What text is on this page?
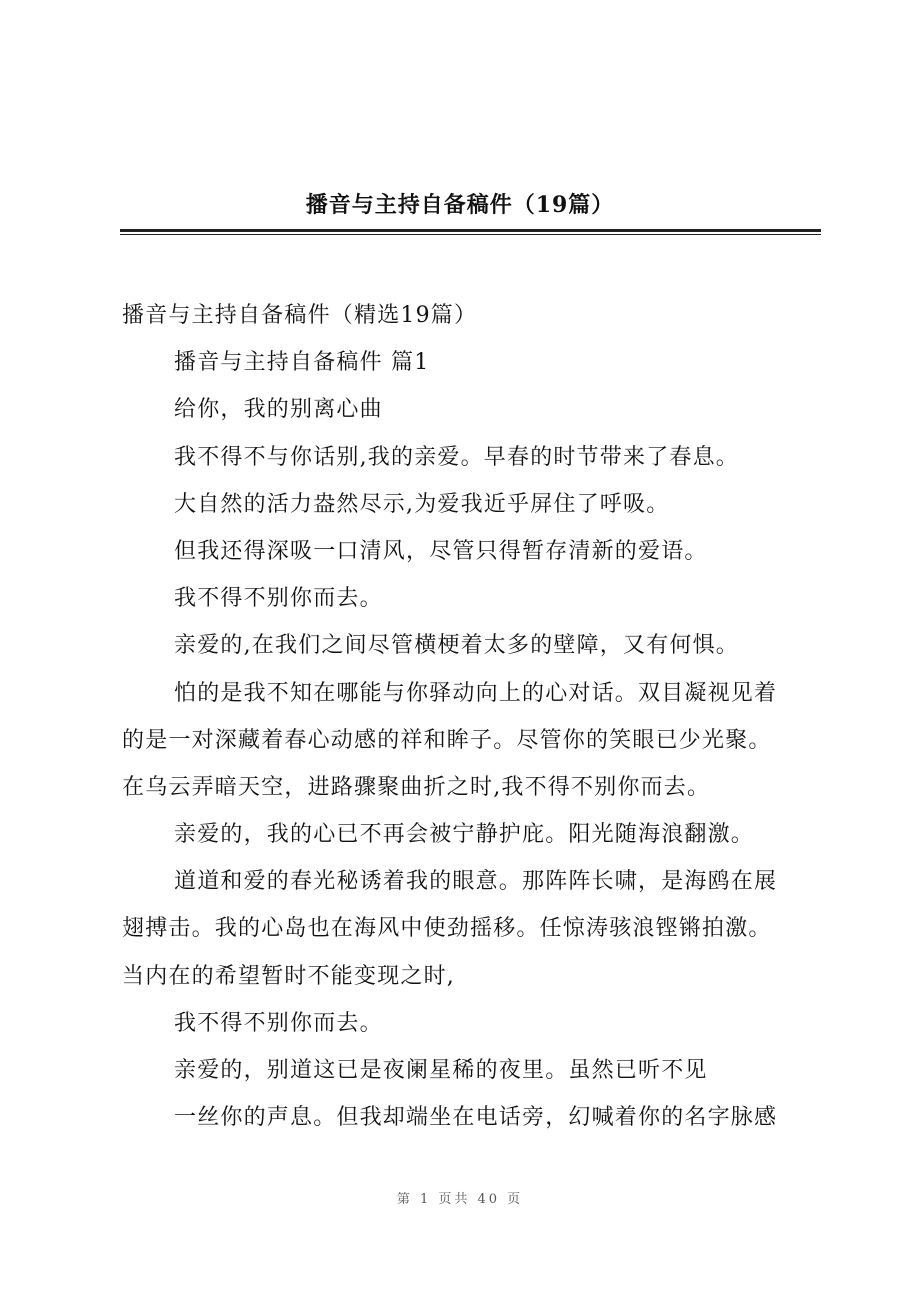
播音与主持自备稿件（19篇）
播音与主持自备稿件（精选19篇）
播音与主持自备稿件 篇1
给你，我的别离心曲
我不得不与你话别,我的亲爱。早春的时节带来了春息。
大自然的活力盎然尽示,为爱我近乎屏住了呼吸。
但我还得深吸一口清风，尽管只得暂存清新的爱语。
我不得不别你而去。
亲爱的,在我们之间尽管横梗着太多的壁障，又有何惧。
怕的是我不知在哪能与你驿动向上的心对话。双目凝视见着
的是一对深藏着春心动感的祥和眸子。尽管你的笑眼已少光聚。
在乌云弄暗天空，进路骤聚曲折之时,我不得不别你而去。
亲爱的，我的心已不再会被宁静护庇。阳光随海浪翻激。
道道和爱的春光秘诱着我的眼意。那阵阵长啸，是海鸥在展
翅搏击。我的心岛也在海风中使劲摇移。任惊涛骇浪铿锵拍激。
当内在的希望暂时不能变现之时,
我不得不别你而去。
亲爱的，别道这已是夜阑星稀的夜里。虽然已听不见
一丝你的声息。但我却端坐在电话旁，幻喊着你的名字脉感
第 1 页共 40 页
